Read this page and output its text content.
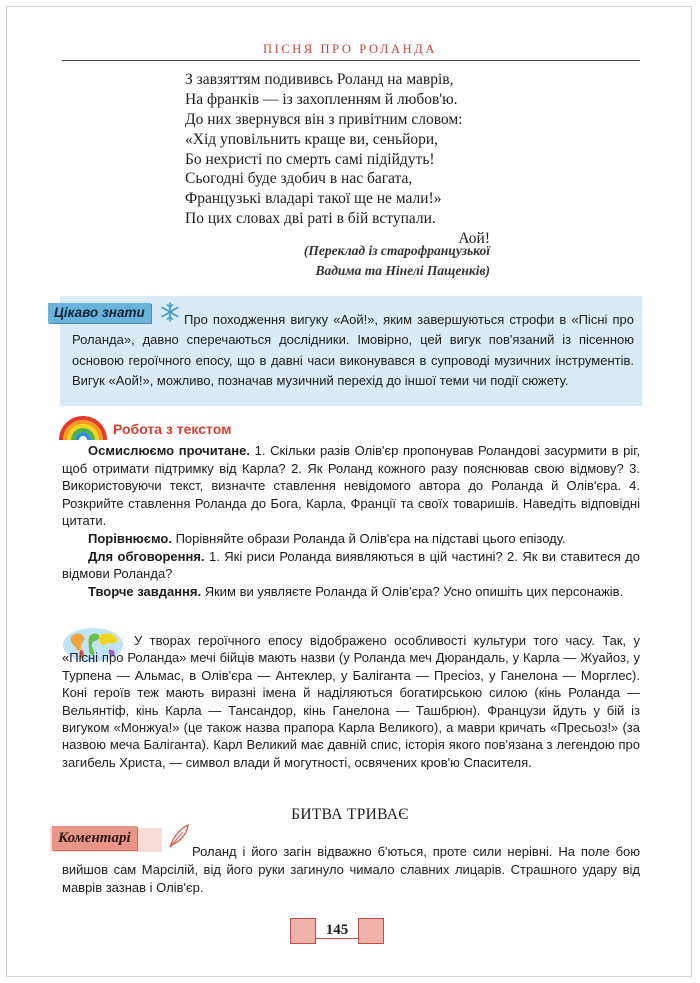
ПІСНЯ ПРО РОЛАНДА
З завзяттям подививсь Роланд на маврів,
На франків — із захопленням й любов'ю.
До них звернувся він з привітним словом:
«Хід уповільнить краще ви, сеньйори,
Бо нехристі по смерть самі підійдуть!
Сьогодні буде здобич в нас багата,
Французькі владарі такої ще не мали!»
По цих словах дві раті в бій вступали.
Аой!
(Переклад із старофранцузької
Вадима та Нінелі Пащенків)
Цікаво знати	Про походження вигуку «Аой!», яким завершуються строфи в «Пісні про Роланда», давно сперечаються дослідники. Імовірно, цей вигук пов'язаний із пісенною основою героїчного епосу, що в давні часи виконувався в супроводі музичних інструментів. Вигук «Аой!», можливо, позначав музичний перехід до іншої теми чи події сюжету.
Робота з текстом

Осмислюємо прочитане. 1. Скільки разів Олів'єр пропонував Роландові засурмити в ріг, щоб отримати підтримку від Карла? 2. Як Роланд кожного разу пояснював свою відмову? 3. Використовуючи текст, визначте ставлення невідомого автора до Роланда й Олів'єра. 4. Розкрийте ставлення Роланда до Бога, Карла, Франції та своїх товаришів. Наведіть відповідні цитати.

Порівнюємо. Порівняйте образи Роланда й Олів'єра на підставі цього епізоду.

Для обговорення. 1. Які риси Роланда виявляються в цій частині? 2. Як ви ставитеся до відмови Роланда?

Творче завдання. Яким ви уявляєте Роланда й Олів'єра? Усно опишіть цих персонажів.

У творах героїчного епосу відображено особливості культури того часу. Так, у «Пісні про Роланда» мечі бійців мають назви (у Роланда меч Дюрандаль, у Карла — Жуайоз, у Турпена — Альмас, в Олів'єра — Антеклер, у Балiганта — Пресіоз, у Ганелона — Морглес). Коні героїв теж мають виразні імена й наділяються богатирською силою (кінь Роланда — Вельянтіф, кінь Карла — Тансандор, кінь Ганелона — Ташбрюн). Французи йдуть у бій із вигуком «Монжуа!» (це також назва прапора Карла Великого), а маври кричать «Пресьоз!» (за назвою меча Балiганта). Карл Великий має давній спис, історія якого пов'язана з легендою про загибель Христа, — символ влади й могутності, освячених кров'ю Спасителя.
БИТВА ТРИВАЄ
Коментарі
Роланд і його загін відважно б'ються, проте сили нерівні. На поле бою вийшов сам Марсілій, від його руки загинуло чимало славних лицарів. Страшного удару від маврів зазнав і Олів'єр.
145
